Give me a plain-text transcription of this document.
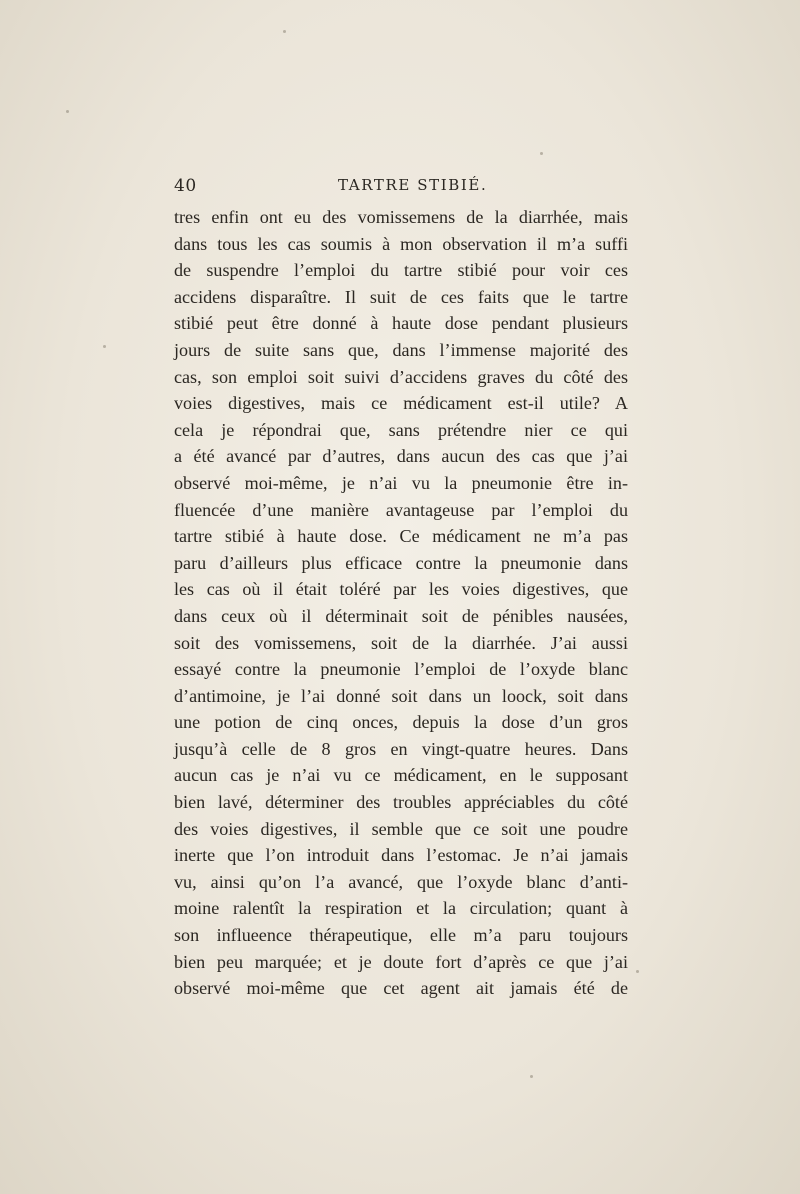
40	TARTRE STIBIÉ.
tres enfin ont eu des vomissemens de la diarrhée, mais
dans tous les cas soumis à mon observation il m’a suffi
de suspendre l’emploi du tartre stibié pour voir ces
accidens disparaître. Il suit de ces faits que le tartre
stibié peut être donné à haute dose pendant plusieurs
jours de suite sans que, dans l’immense majorité des
cas, son emploi soit suivi d’accidens graves du côté des
voies digestives, mais ce médicament est-il utile? A
cela je répondrai que, sans prétendre nier ce qui
a été avancé par d’autres, dans aucun des cas que j’ai
observé moi-même, je n’ai vu la pneumonie être in-
fluencée d’une manière avantageuse par l’emploi du
tartre stibié à haute dose. Ce médicament ne m’a pas
paru d’ailleurs plus efficace contre la pneumonie dans
les cas où il était toléré par les voies digestives, que
dans ceux où il déterminait soit de pénibles nausées,
soit des vomissemens, soit de la diarrhée. J’ai aussi
essayé contre la pneumonie l’emploi de l’oxyde blanc
d’antimoine, je l’ai donné soit dans un loock, soit dans
une potion de cinq onces, depuis la dose d’un gros
jusqu’à celle de 8 gros en vingt-quatre heures. Dans
aucun cas je n’ai vu ce médicament, en le supposant
bien lavé, déterminer des troubles appréciables du côté
des voies digestives, il semble que ce soit une poudre
inerte que l’on introduit dans l’estomac. Je n’ai jamais
vu, ainsi qu’on l’a avancé, que l’oxyde blanc d’anti-
moine ralentît la respiration et la circulation; quant à
son influeence thérapeutique, elle m’a paru toujours
bien peu marquée; et je doute fort d’après ce que j’ai
observé moi-même que cet agent ait jamais été de
